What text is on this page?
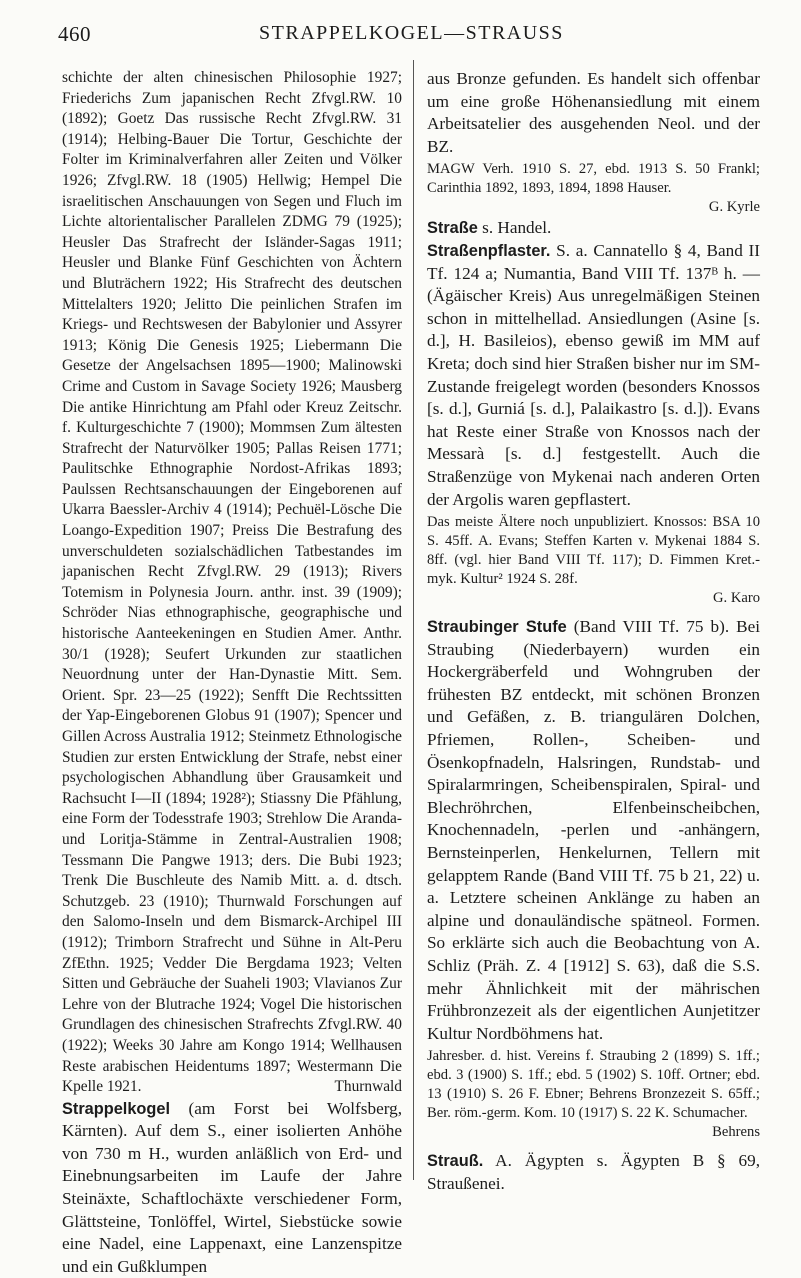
460	STRAPPELKOGEL—STRAUSS

schichte der alten chinesischen Philosophie 1927; Friederichs Zum japanischen Recht Zfvgl.RW. 10 (1892); Goetz Das russische Recht Zfvgl.RW. 31 (1914); Helbing-Bauer Die Tortur, Geschichte der Folter im Kriminalverfahren aller Zeiten und Völker 1926; Zfvgl.RW. 18 (1905) Hellwig; Hempel Die israelitischen Anschauungen von Segen und Fluch im Lichte altorientalischer Parallelen ZDMG 79 (1925); Heusler Das Strafrecht der Isländer-Sagas 1911; Heusler und Blanke Fünf Geschichten von Ächtern und Bluträchern 1922; His Strafrecht des deutschen Mittelalters 1920; Jelitto Die peinlichen Strafen im Kriegs- und Rechtswesen der Babylonier und Assyrer 1913; König Die Genesis 1925; Liebermann Die Gesetze der Angelsachsen 1895—1900; Malinowski Crime and Custom in Savage Society 1926; Mausberg Die antike Hinrichtung am Pfahl oder Kreuz Zeitschr. f. Kulturgeschichte 7 (1900); Mommsen Zum ältesten Strafrecht der Naturvölker 1905; Pallas Reisen 1771; Paulitschke Ethnographie Nordost-Afrikas 1893; Paulssen Rechtsanschauungen der Eingeborenen auf Ukarra Baessler-Archiv 4 (1914); Pechuël-Lösche Die Loango-Expedition 1907; Preiss Die Bestrafung des unverschuldeten sozialschädlichen Tatbestandes im japanischen Recht Zfvgl.RW. 29 (1913); Rivers Totemism in Polynesia Journ. anthr. inst. 39 (1909); Schröder Nias ethnographische, geographische und historische Aanteekeningen en Studien Amer. Anthr. 30/1 (1928); Seufert Urkunden zur staatlichen Neuordnung unter der Han-Dynastie Mitt. Sem. Orient. Spr. 23—25 (1922); Senfft Die Rechtssitten der Yap-Eingeborenen Globus 91 (1907); Spencer und Gillen Across Australia 1912; Steinmetz Ethnologische Studien zur ersten Entwicklung der Strafe, nebst einer psychologischen Abhandlung über Grausamkeit und Rachsucht I—II (1894; 1928²); Stiassny Die Pfählung, eine Form der Todesstrafe 1903; Strehlow Die Aranda- und Loritja-Stämme in Zentral-Australien 1908; Tessmann Die Pangwe 1913; ders. Die Bubi 1923; Trenk Die Buschleute des Namib Mitt. a. d. dtsch. Schutzgeb. 23 (1910); Thurnwald Forschungen auf den Salomo-Inseln und dem Bismarck-Archipel III (1912); Trimborn Strafrecht und Sühne in Alt-Peru ZfEthn. 1925; Vedder Die Bergdama 1923; Velten Sitten und Gebräuche der Suaheli 1903; Vlavianos Zur Lehre von der Blutrache 1924; Vogel Die historischen Grundlagen des chinesischen Strafrechts Zfvgl.RW. 40 (1922); Weeks 30 Jahre am Kongo 1914; Wellhausen Reste arabischen Heidentums 1897; Westermann Die Kpelle 1921.	Thurnwald

Strappelkogel (am Forst bei Wolfsberg, Kärnten). Auf dem S., einer isolierten Anhöhe von 730 m H., wurden anläßlich von Erd- und Einebnungsarbeiten im Laufe der Jahre Steinäxte, Schaftlochäxte verschiedener Form, Glättsteine, Tonlöffel, Wirtel, Siebstücke sowie eine Nadel, eine Lappenaxt, eine Lanzenspitze und ein Gußklumpen

aus Bronze gefunden. Es handelt sich offenbar um eine große Höhenansiedlung mit einem Arbeitsatelier des ausgehenden Neol. und der BZ.

MAGW Verh. 1910 S. 27, ebd. 1913 S. 50 Frankl; Carinthia 1892, 1893, 1894, 1898 Hauser.

G. Kyrle

Straße s. Handel.

Straßenpflaster. S. a. Cannatello § 4, Band II Tf. 124 a; Numantia, Band VIII Tf. 137ᴮ h. — (Ägäischer Kreis) Aus unregelmäßigen Steinen schon in mittelhellad. Ansiedlungen (Asine [s. d.], H. Basileios), ebenso gewiß im MM auf Kreta; doch sind hier Straßen bisher nur im SM-Zustande freigelegt worden (besonders Knossos [s. d.], Gurniá [s. d.], Palaikastro [s. d.]). Evans hat Reste einer Straße von Knossos nach der Messarà [s. d.] festgestellt. Auch die Straßenzüge von Mykenai nach anderen Orten der Argolis waren gepflastert.

Das meiste Ältere noch unpubliziert. Knossos: BSA 10 S. 45ff. A. Evans; Steffen Karten v. Mykenai 1884 S. 8ff. (vgl. hier Band VIII Tf. 117); D. Fimmen Kret.-myk. Kultur² 1924 S. 28f.

G. Karo

Straubinger Stufe (Band VIII Tf. 75 b). Bei Straubing (Niederbayern) wurden ein Hockergräberfeld und Wohngruben der frühesten BZ entdeckt, mit schönen Bronzen und Gefäßen, z. B. triangulären Dolchen, Pfriemen, Rollen-, Scheiben- und Ösenkopfnadeln, Halsringen, Rundstab- und Spiralarmringen, Scheibenspiralen, Spiral- und Blechröhrchen, Elfenbeinscheibchen, Knochennadeln, -perlen und -anhängern, Bernsteinperlen, Henkelurnen, Tellern mit gelapptem Rande (Band VIII Tf. 75 b 21, 22) u. a. Letztere scheinen Anklänge zu haben an alpine und donauländische spätneol. Formen. So erklärte sich auch die Beobachtung von A. Schliz (Präh. Z. 4 [1912] S. 63), daß die S.S. mehr Ähnlichkeit mit der mährischen Frühbronzezeit als der eigentlichen Aunjetitzer Kultur Nordböhmens hat.

Jahresber. d. hist. Vereins f. Straubing 2 (1899) S. 1ff.; ebd. 3 (1900) S. 1ff.; ebd. 5 (1902) S. 10ff. Ortner; ebd. 13 (1910) S. 26 F. Ebner; Behrens Bronzezeit S. 65ff.; Ber. röm.-germ. Kom. 10 (1917) S. 22 K. Schumacher.

Behrens

Strauß. A. Ägypten s. Ägypten B § 69, Straußenei.
